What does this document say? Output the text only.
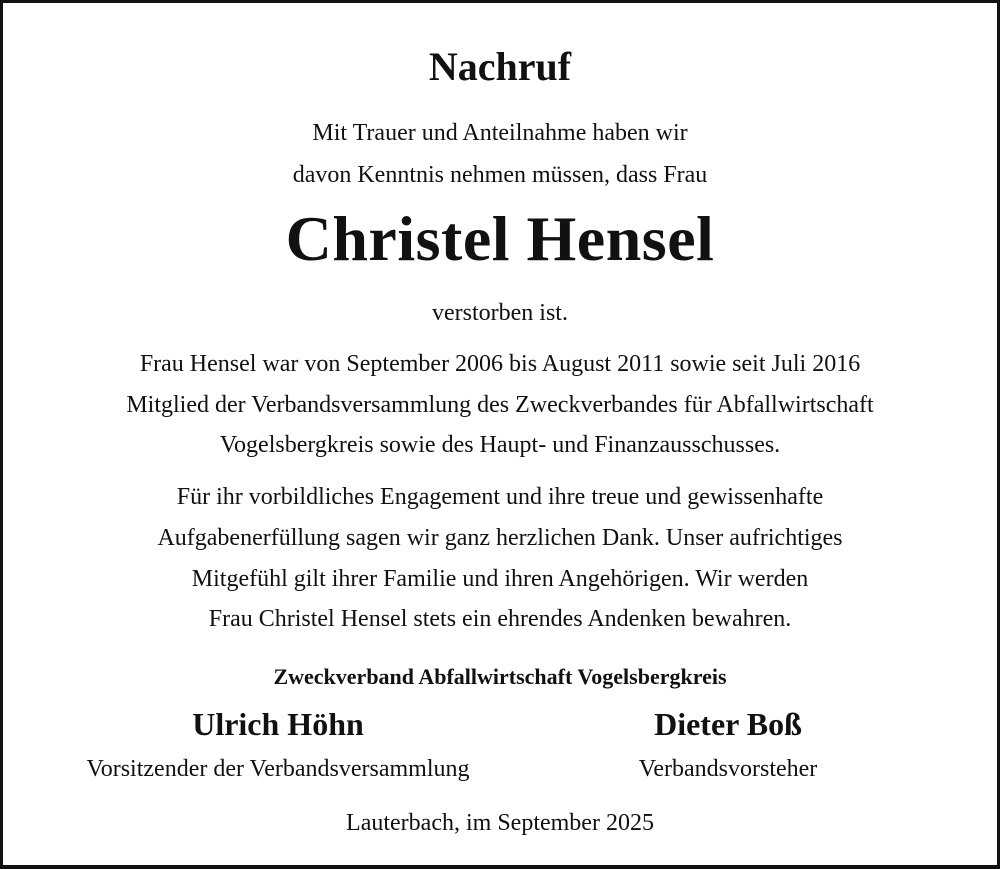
Nachruf
Mit Trauer und Anteilnahme haben wir
davon Kenntnis nehmen müssen, dass Frau
Christel Hensel
verstorben ist.
Frau Hensel war von September 2006 bis August 2011 sowie seit Juli 2016
Mitglied der Verbandsversammlung des Zweckverbandes für Abfallwirtschaft
Vogelsbergkreis sowie des Haupt- und Finanzausschusses.
Für ihr vorbildliches Engagement und ihre treue und gewissenhafte
Aufgabenerfüllung sagen wir ganz herzlichen Dank. Unser aufrichtiges
Mitgefühl gilt ihrer Familie und ihren Angehörigen. Wir werden
Frau Christel Hensel stets ein ehrendes Andenken bewahren.
Zweckverband Abfallwirtschaft Vogelsbergkreis
Ulrich Höhn
Vorsitzender der Verbandsversammlung
Dieter Boß
Verbandsvorsteher
Lauterbach, im September 2025
